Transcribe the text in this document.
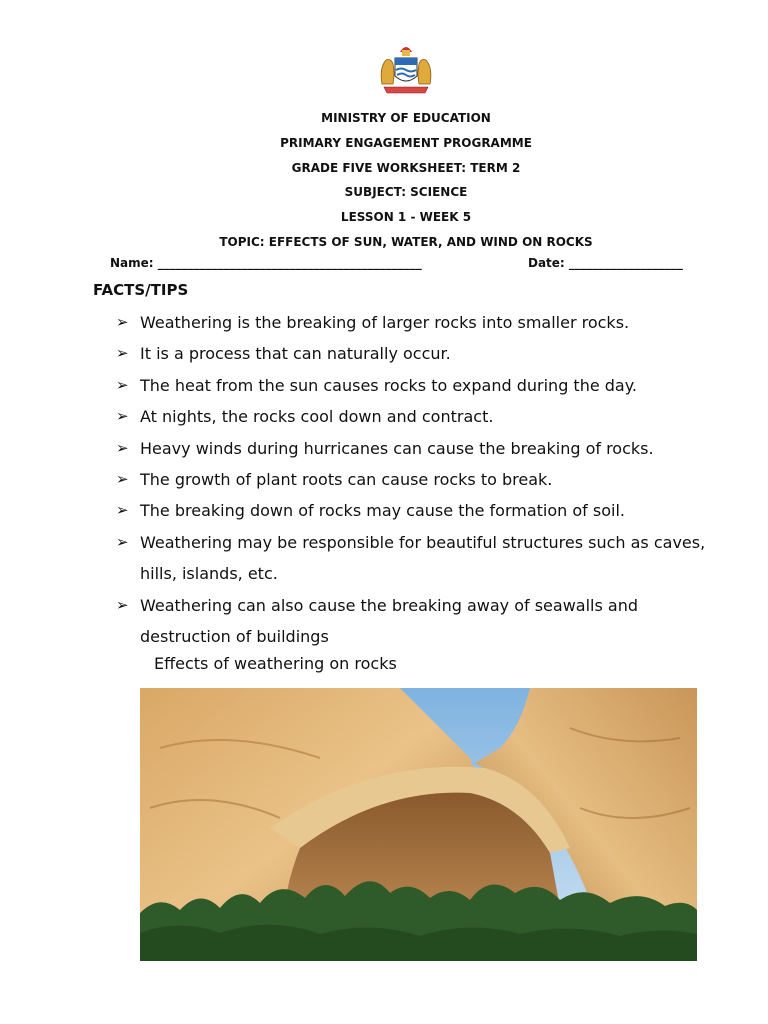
MINISTRY OF EDUCATION
PRIMARY ENGAGEMENT PROGRAMME
GRADE FIVE WORKSHEET: TERM 2
SUBJECT: SCIENCE
LESSON 1 - WEEK 5
TOPIC: EFFECTS OF SUN, WATER, AND WIND ON ROCKS
Name: ____________________________________________	Date: ___________________
FACTS/TIPS
➢ Weathering is the breaking of larger rocks into smaller rocks.
➢ It is a process that can naturally occur.
➢ The heat from the sun causes rocks to expand during the day.
➢ At nights, the rocks cool down and contract.
➢ Heavy winds during hurricanes can cause the breaking of rocks.
➢ The growth of plant roots can cause rocks to break.
➢ The breaking down of rocks may cause the formation of soil.
➢ Weathering may be responsible for beautiful structures such as caves, hills, islands, etc.
➢ Weathering can also cause the breaking away of seawalls and destruction of buildings
Effects of weathering on rocks
